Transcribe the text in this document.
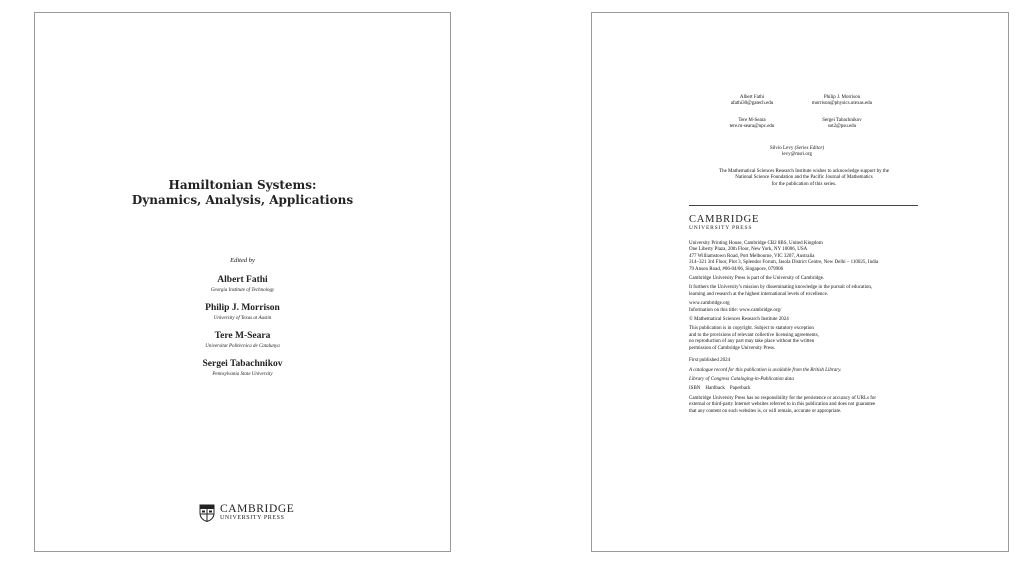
Hamiltonian Systems:
Dynamics, Analysis, Applications
Edited by
Albert Fathi
Georgia Institute of Technology
Philip J. Morrison
University of Texas at Austin
Tere M-Seara
Universitat Politècnica de Catalunya
Sergei Tabachnikov
Pennsylvania State University
CAMBRIDGE
UNIVERSITY PRESS
Albert Fathi
afathi30@gatech.edu
Philip J. Morrison
morrison@physics.utexas.edu
Tere M-Seara
tere.m-seara@upc.edu
Sergei Tabachnikov
sot2@psu.edu
Silvio Levy (Series Editor)
levy@msri.org
The Mathematical Sciences Research Institute wishes to acknowledge support by the
National Science Foundation and the Pacific Journal of Mathematics
for the publication of this series.
CAMBRIDGE
UNIVERSITY PRESS
University Printing House, Cambridge CB2 8BS, United Kingdom
One Liberty Plaza, 20th Floor, New York, NY 10006, USA
477 Williamstown Road, Port Melbourne, VIC 3207, Australia
314–321 3rd Floor, Plot 3, Splendor Forum, Jasola District Centre, New Delhi – 110025, India
79 Anson Road, #06-04/06, Singapore, 079906
Cambridge University Press is part of the University of Cambridge.
It furthers the University’s mission by disseminating knowledge in the pursuit of education,
learning and research at the highest international levels of excellence.
www.cambridge.org
Information on this title: www.cambridge.org/
© Mathematical Sciences Research Institute 2024
This publication is in copyright. Subject to statutory exception
and to the provisions of relevant collective licensing agreements,
no reproduction of any part may take place without the written
permission of Cambridge University Press.
First published 2024
A catalogue record for this publication is available from the British Library.
Library of Congress Cataloging-in-Publication data
ISBN    Hardback    Paperback
Cambridge University Press has no responsibility for the persistence or accuracy of URLs for
external or third-party Internet websites referred to in this publication and does not guarantee
that any content on such websites is, or will remain, accurate or appropriate.
